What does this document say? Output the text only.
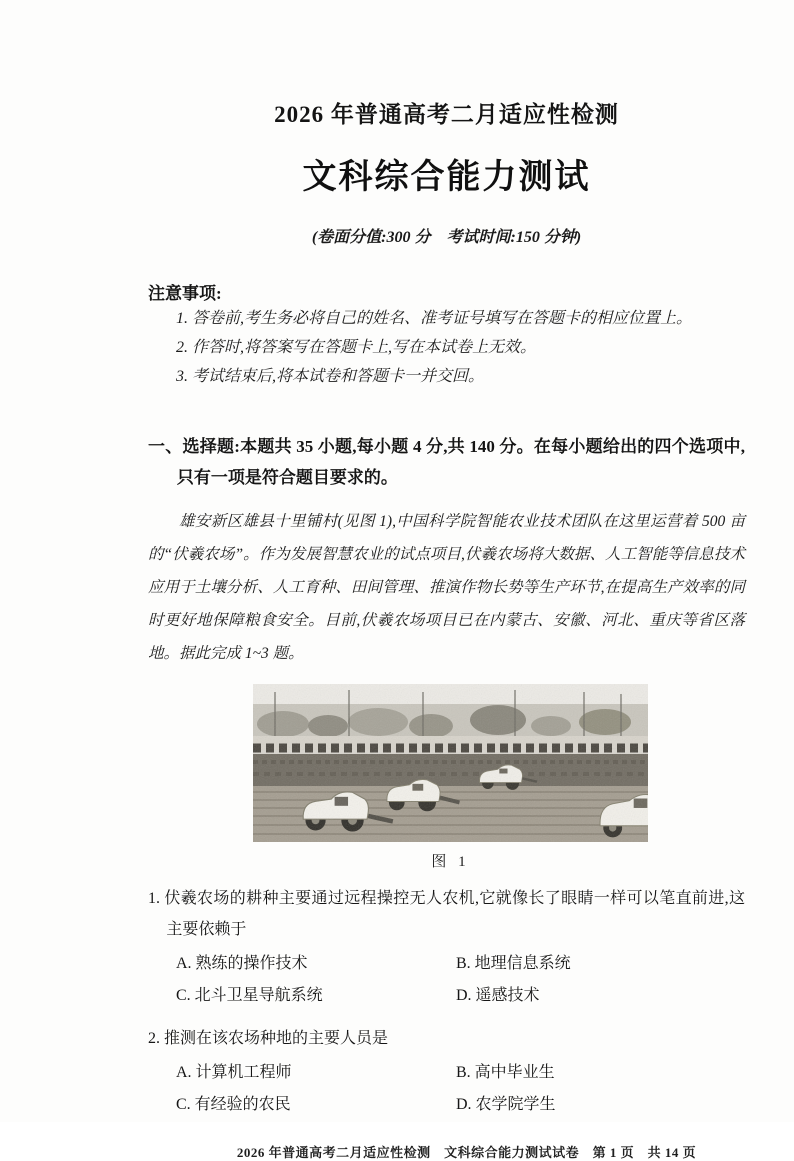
2026 年普通高考二月适应性检测
文科综合能力测试
(卷面分值:300 分　考试时间:150 分钟)
注意事项:
1. 答卷前,考生务必将自己的姓名、准考证号填写在答题卡的相应位置上。
2. 作答时,将答案写在答题卡上,写在本试卷上无效。
3. 考试结束后,将本试卷和答题卡一并交回。
一、选择题:本题共 35 小题,每小题 4 分,共 140 分。在每小题给出的四个选项中,只有一项是符合题目要求的。
雄安新区雄县十里铺村(见图 1),中国科学院智能农业技术团队在这里运营着 500 亩的“伏羲农场”。作为发展智慧农业的试点项目,伏羲农场将大数据、人工智能等信息技术应用于土壤分析、人工育种、田间管理、推演作物长势等生产环节,在提高生产效率的同时更好地保障粮食安全。目前,伏羲农场项目已在内蒙古、安徽、河北、重庆等省区落地。据此完成 1~3 题。
图 1
1. 伏羲农场的耕种主要通过远程操控无人农机,它就像长了眼睛一样可以笔直前进,这主要依赖于
A. 熟练的操作技术	B. 地理信息系统
C. 北斗卫星导航系统	D. 遥感技术
2. 推测在该农场种地的主要人员是
A. 计算机工程师	B. 高中毕业生
C. 有经验的农民	D. 农学院学生
2026 年普通高考二月适应性检测　文科综合能力测试试卷　第 1 页　共 14 页
